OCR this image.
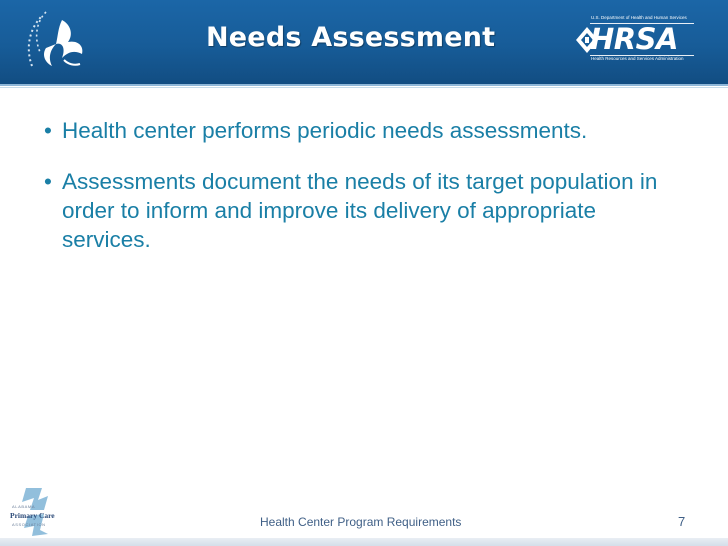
Needs Assessment
U.S. Department of Health and Human Services
HRSA
Health Resources and Services Administration
• Health center performs periodic needs assessments.
• Assessments document the needs of its target population in order to inform and improve its delivery of appropriate services.
ALABAMA
Primary Care
ASSOCIATION	Health Center Program Requirements	7
